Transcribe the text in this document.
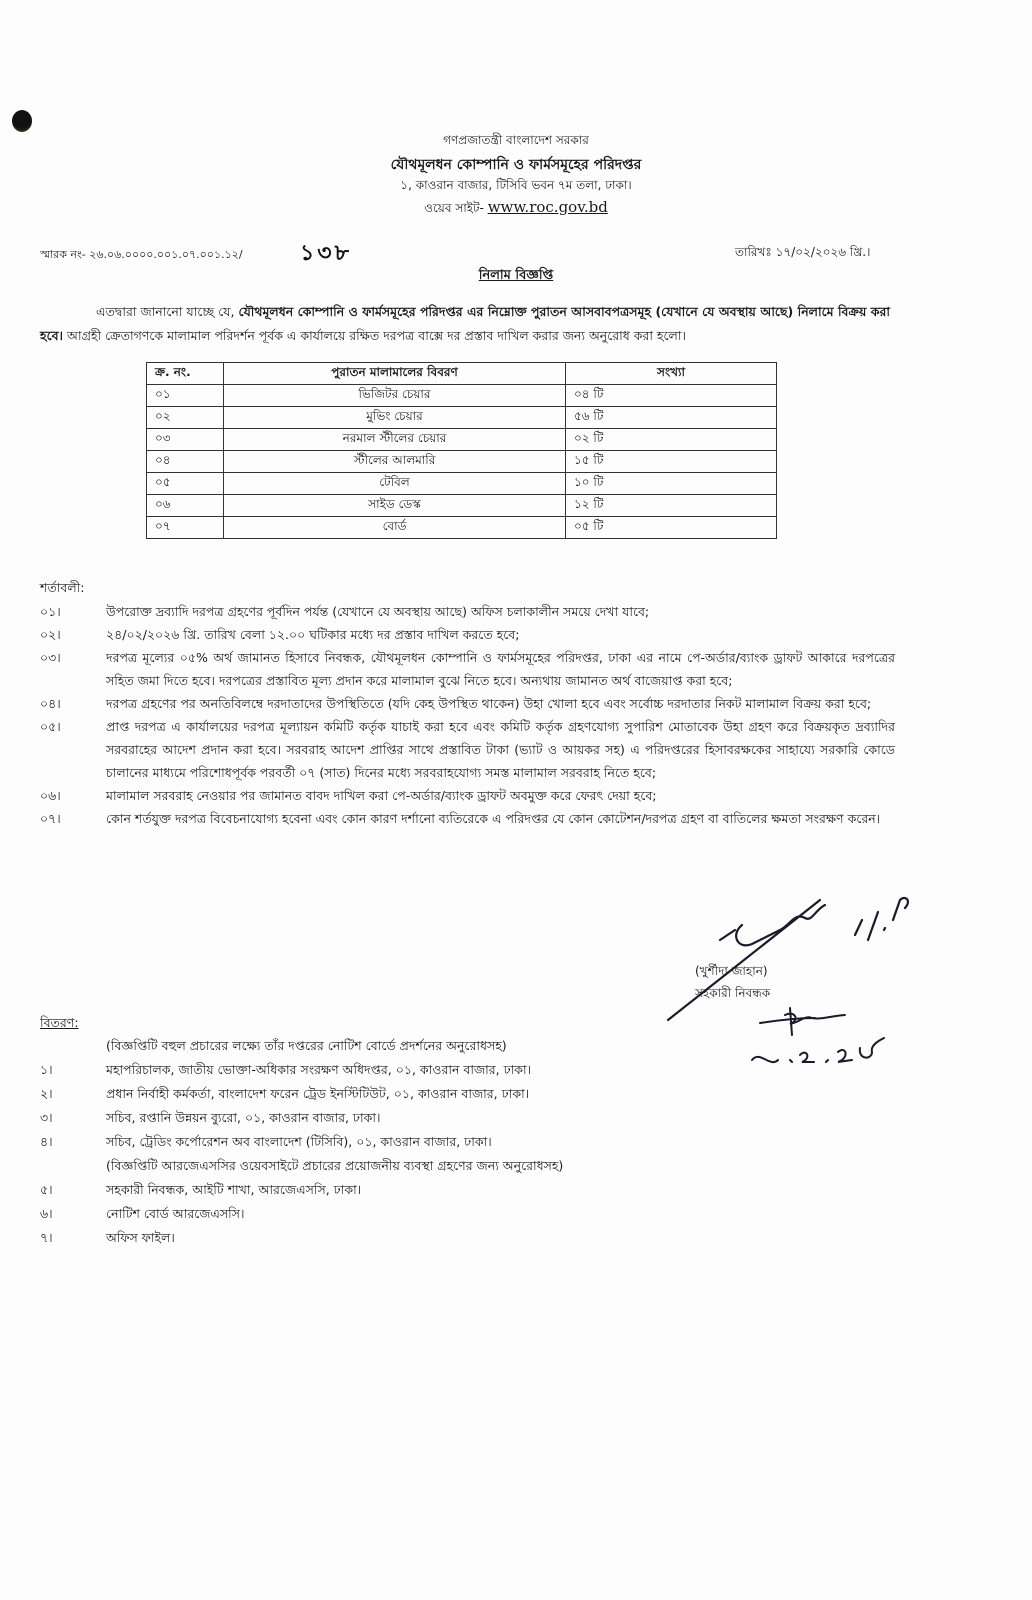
গণপ্রজাতন্ত্রী বাংলাদেশ সরকার
যৌথমূলধন কোম্পানি ও ফার্মসমূহের পরিদপ্তর
১, কাওরান বাজার, টিসিবি ভবন ৭ম তলা, ঢাকা।
ওয়েব সাইট- www.roc.gov.bd
স্মারক নং- ২৬.০৬.০০০০.০০১.০৭.০০১.১২/	১৩৮	তারিখঃ ১৭/০২/২০২৬ খ্রি.।
নিলাম বিজ্ঞপ্তি
এতদ্বারা জানানো যাচ্ছে যে, যৌথমূলধন কোম্পানি ও ফার্মসমূহের পরিদপ্তর এর নিম্নোক্ত পুরাতন আসবাবপত্রসমূহ (যেখানে যে অবস্থায় আছে) নিলামে বিক্রয় করা হবে। আগ্রহী ক্রেতাগণকে মালামাল পরিদর্শন পূর্বক এ কার্যালয়ে রক্ষিত দরপত্র বাক্সে দর প্রস্তাব দাখিল করার জন্য অনুরোধ করা হলো।
ক্র. নং.	পুরাতন মালামালের বিবরণ	সংখ্যা
০১	ভিজিটর চেয়ার	০৪ টি
০২	মুভিং চেয়ার	৫৬ টি
০৩	নরমাল স্টীলের চেয়ার	০২ টি
০৪	স্টীলের আলমারি	১৫ টি
০৫	টেবিল	১০ টি
০৬	সাইড ডেস্ক	১২ টি
০৭	বোর্ড	০৫ টি
শর্তাবলী:
০১।	উপরোক্ত দ্রব্যাদি দরপত্র গ্রহণের পূর্বদিন পর্যন্ত (যেখানে যে অবস্থায় আছে) অফিস চলাকালীন সময়ে দেখা যাবে;
০২।	২৪/০২/২০২৬ খ্রি. তারিখ বেলা ১২.০০ ঘটিকার মধ্যে দর প্রস্তাব দাখিল করতে হবে;
০৩।	দরপত্র মূল্যের ০৫% অর্থ জামানত হিসাবে নিবন্ধক, যৌথমূলধন কোম্পানি ও ফার্মসমূহের পরিদপ্তর, ঢাকা এর নামে পে-অর্ডার/ব্যাংক ড্রাফট আকারে দরপত্রের সহিত জমা দিতে হবে। দরপত্রের প্রস্তাবিত মূল্য প্রদান করে মালামাল বুঝে নিতে হবে। অন্যথায় জামানত অর্থ বাজেয়াপ্ত করা হবে;
০৪।	দরপত্র গ্রহণের পর অনতিবিলম্বে দরদাতাদের উপস্থিতিতে (যদি কেহ উপস্থিত থাকেন) উহা খোলা হবে এবং সর্বোচ্চ দরদাতার নিকট মালামাল বিক্রয় করা হবে;
০৫।	প্রাপ্ত দরপত্র এ কার্যালয়ের দরপত্র মূল্যায়ন কমিটি কর্তৃক যাচাই করা হবে এবং কমিটি কর্তৃক গ্রহণযোগ্য সুপারিশ মোতাবেক উহা গ্রহণ করে বিক্রয়কৃত দ্রব্যাদির সরবরাহের আদেশ প্রদান করা হবে। সরবরাহ আদেশ প্রাপ্তির সাথে প্রস্তাবিত টাকা (ভ্যাট ও আয়কর সহ) এ পরিদপ্তরের হিসাবরক্ষকের সাহায্যে সরকারি কোডে চালানের মাধ্যমে পরিশোধপূর্বক পরবর্তী ০৭ (সাত) দিনের মধ্যে সরবরাহযোগ্য সমস্ত মালামাল সরবরাহ নিতে হবে;
০৬।	মালামাল সরবরাহ নেওয়ার পর জামানত বাবদ দাখিল করা পে-অর্ডার/ব্যাংক ড্রাফট অবমুক্ত করে ফেরৎ দেয়া হবে;
০৭।	কোন শর্তযুক্ত দরপত্র বিবেচনাযোগ্য হবেনা এবং কোন কারণ দর্শানো ব্যতিরেকে এ পরিদপ্তর যে কোন কোটেশন/দরপত্র গ্রহণ বা বাতিলের ক্ষমতা সংরক্ষণ করেন।
(খুর্শীদা জাহান)
সহকারী নিবন্ধক
বিতরণ:
(বিজ্ঞপ্তিটি বহুল প্রচারের লক্ষ্যে তাঁর দপ্তরের নোটিশ বোর্ডে প্রদর্শনের অনুরোধসহ)
১।	মহাপরিচালক, জাতীয় ভোক্তা-অধিকার সংরক্ষণ অধিদপ্তর, ০১, কাওরান বাজার, ঢাকা।
২।	প্রধান নির্বাহী কর্মকর্তা, বাংলাদেশ ফরেন ট্রেড ইনস্টিটিউট, ০১, কাওরান বাজার, ঢাকা।
৩।	সচিব, রপ্তানি উন্নয়ন ব্যুরো, ০১, কাওরান বাজার, ঢাকা।
৪।	সচিব, ট্রেডিং কর্পোরেশন অব বাংলাদেশ (টিসিবি), ০১, কাওরান বাজার, ঢাকা।
(বিজ্ঞপ্তিটি আরজেএসসির ওয়েবসাইটে প্রচারের প্রয়োজনীয় ব্যবস্থা গ্রহণের জন্য অনুরোধসহ)
৫।	সহকারী নিবন্ধক, আইটি শাখা, আরজেএসসি, ঢাকা।
৬।	নোটিশ বোর্ড আরজেএসসি।
৭।	অফিস ফাইল।
